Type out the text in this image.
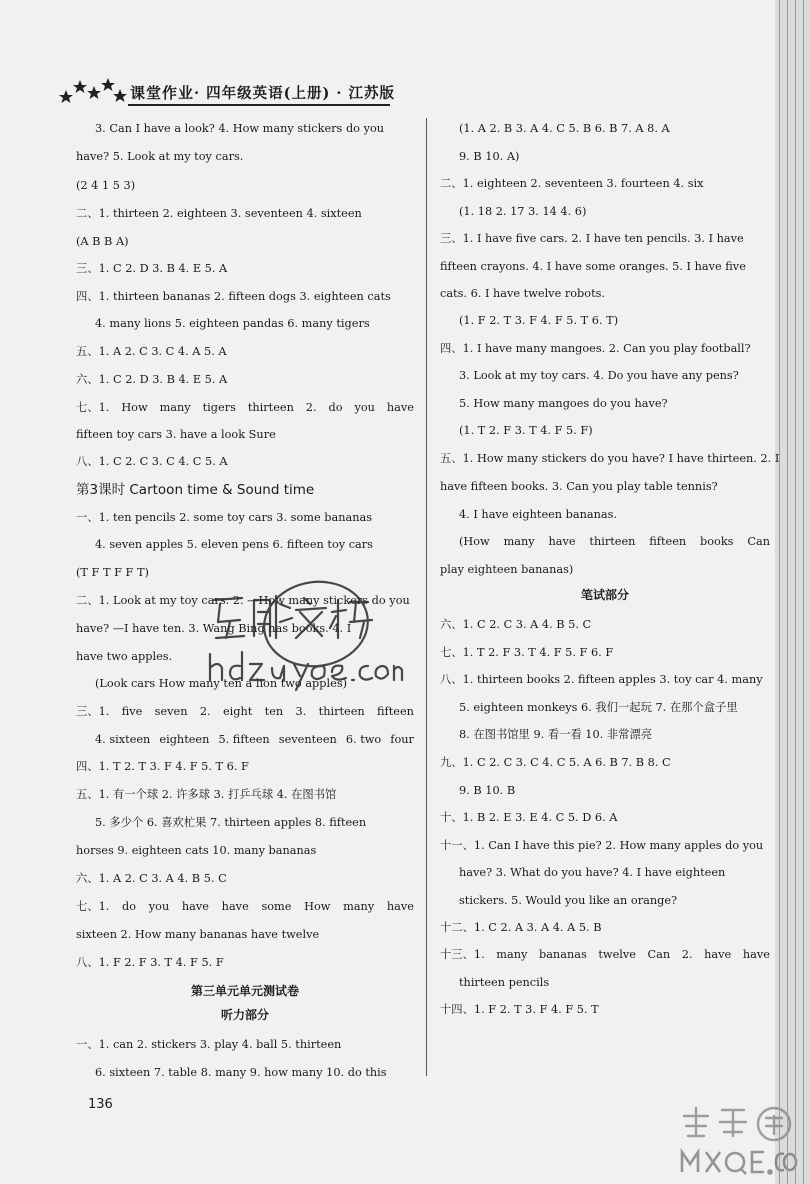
课堂作业· 四年级英语(上册) · 江苏版
3. Can I have a look? 4. How many stickers do you
have? 5. Look at my toy cars.
(2 4 1 5 3)
二、1. thirteen 2. eighteen 3. seventeen 4. sixteen
(A B B A)
三、1. C 2. D 3. B 4. E 5. A
四、1. thirteen bananas 2. fifteen dogs 3. eighteen cats
4. many lions 5. eighteen pandas 6. many tigers
五、1. A 2. C 3. C 4. A 5. A
六、1. C 2. D 3. B 4. E 5. A
七、1. How many tigers thirteen 2. do you have
fifteen toy cars 3. have a look Sure
八、1. C 2. C 3. C 4. C 5. A
第3课时 Cartoon time & Sound time
一、1. ten pencils 2. some toy cars 3. some bananas
4. seven apples 5. eleven pens 6. fifteen toy cars
(T F T F F T)
二、1. Look at my toy cars. 2. —How many stickers do you
have? —I have ten. 3. Wang Bing has books. 4. I
have two apples.
(Look cars How many ten a lion two apples)
三、1. five seven 2. eight ten 3. thirteen fifteen
4. sixteen eighteen 5. fifteen seventeen 6. two four
四、1. T 2. T 3. F 4. F 5. T 6. F
五、1. 有一个球 2. 许多球 3. 打乒乓球 4. 在图书馆
5. 多少个 6. 喜欢杧果 7. thirteen apples 8. fifteen
horses 9. eighteen cats 10. many bananas
六、1. A 2. C 3. A 4. B 5. C
七、1. do you have have some How many have
sixteen 2. How many bananas have twelve
八、1. F 2. F 3. T 4. F 5. F
第三单元单元测试卷
听力部分
一、1. can 2. stickers 3. play 4. ball 5. thirteen
6. sixteen 7. table 8. many 9. how many 10. do this
(1. A 2. B 3. A 4. C 5. B 6. B 7. A 8. A
9. B 10. A)
二、1. eighteen 2. seventeen 3. fourteen 4. six
(1. 18 2. 17 3. 14 4. 6)
三、1. I have five cars. 2. I have ten pencils. 3. I have
fifteen crayons. 4. I have some oranges. 5. I have five
cats. 6. I have twelve robots.
(1. F 2. T 3. F 4. F 5. T 6. T)
四、1. I have many mangoes. 2. Can you play football?
3. Look at my toy cars. 4. Do you have any pens?
5. How many mangoes do you have?
(1. T 2. F 3. T 4. F 5. F)
五、1. How many stickers do you have? I have thirteen. 2. I
have fifteen books. 3. Can you play table tennis?
4. I have eighteen bananas.
(How many have thirteen fifteen books Can
play eighteen bananas)
笔试部分
六、1. C 2. C 3. A 4. B 5. C
七、1. T 2. F 3. T 4. F 5. F 6. F
八、1. thirteen books 2. fifteen apples 3. toy car 4. many
5. eighteen monkeys 6. 我们一起玩 7. 在那个盒子里
8. 在图书馆里 9. 看一看 10. 非常漂亮
九、1. C 2. C 3. C 4. C 5. A 6. B 7. B 8. C
9. B 10. B
十、1. B 2. E 3. E 4. C 5. D 6. A
十一、1. Can I have this pie? 2. How many apples do you
have? 3. What do you have? 4. I have eighteen
stickers. 5. Would you like an orange?
十二、1. C 2. A 3. A 4. A 5. B
十三、1. many bananas twelve Can 2. have have
thirteen pencils
十四、1. F 2. T 3. F 4. F 5. T
136
